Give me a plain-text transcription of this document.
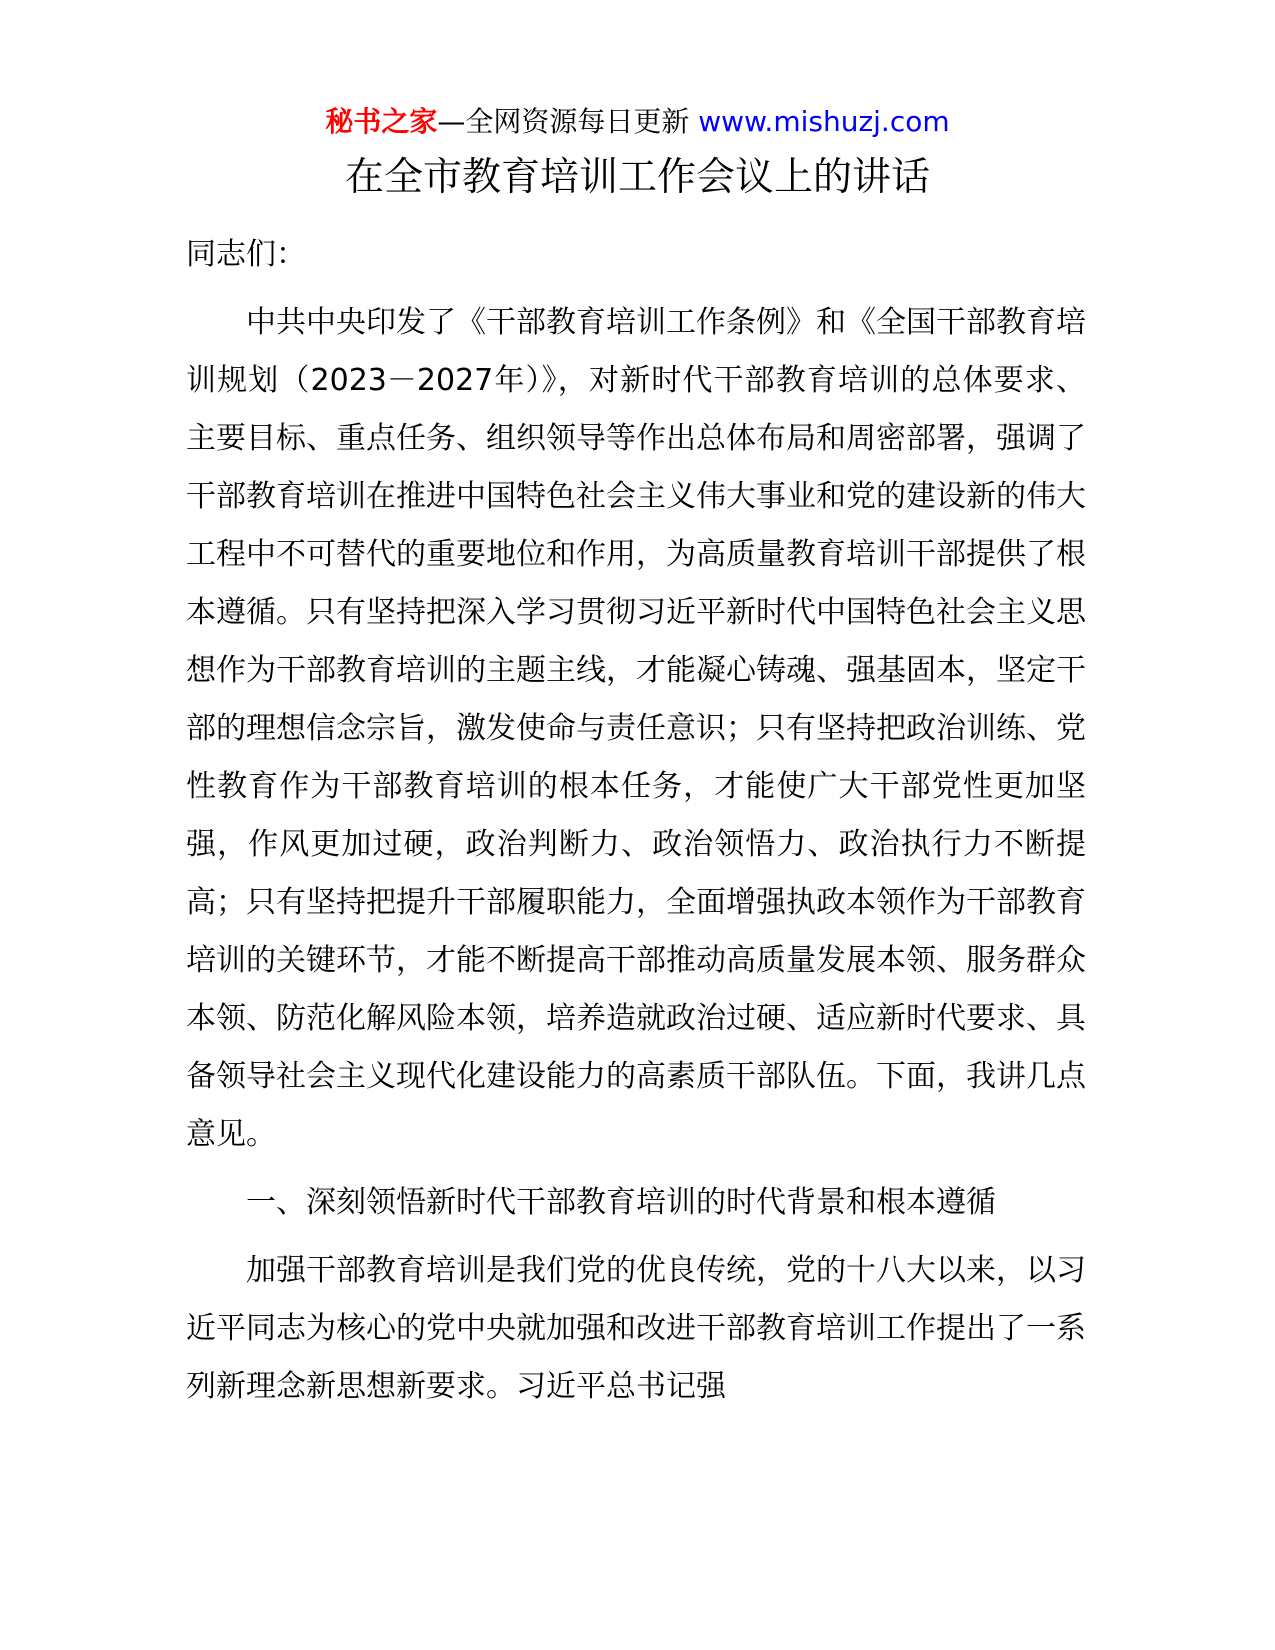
秘书之家—全网资源每日更新 www.mishuzj.com
在全市教育培训工作会议上的讲话

同志们：

中共中央印发了《干部教育培训工作条例》和《全国干部教育培训规划（2023－2027年）》，对新时代干部教育培训的总体要求、主要目标、重点任务、组织领导等作出总体布局和周密部署，强调了干部教育培训在推进中国特色社会主义伟大事业和党的建设新的伟大工程中不可替代的重要地位和作用，为高质量教育培训干部提供了根本遵循。只有坚持把深入学习贯彻习近平新时代中国特色社会主义思想作为干部教育培训的主题主线，才能凝心铸魂、强基固本，坚定干部的理想信念宗旨，激发使命与责任意识；只有坚持把政治训练、党性教育作为干部教育培训的根本任务，才能使广大干部党性更加坚强，作风更加过硬，政治判断力、政治领悟力、政治执行力不断提高；只有坚持把提升干部履职能力，全面增强执政本领作为干部教育培训的关键环节，才能不断提高干部推动高质量发展本领、服务群众本领、防范化解风险本领，培养造就政治过硬、适应新时代要求、具备领导社会主义现代化建设能力的高素质干部队伍。下面，我讲几点意见。

一、深刻领悟新时代干部教育培训的时代背景和根本遵循

加强干部教育培训是我们党的优良传统，党的十八大以来，以习近平同志为核心的党中央就加强和改进干部教育培训工作提出了一系列新理念新思想新要求。习近平总书记强
